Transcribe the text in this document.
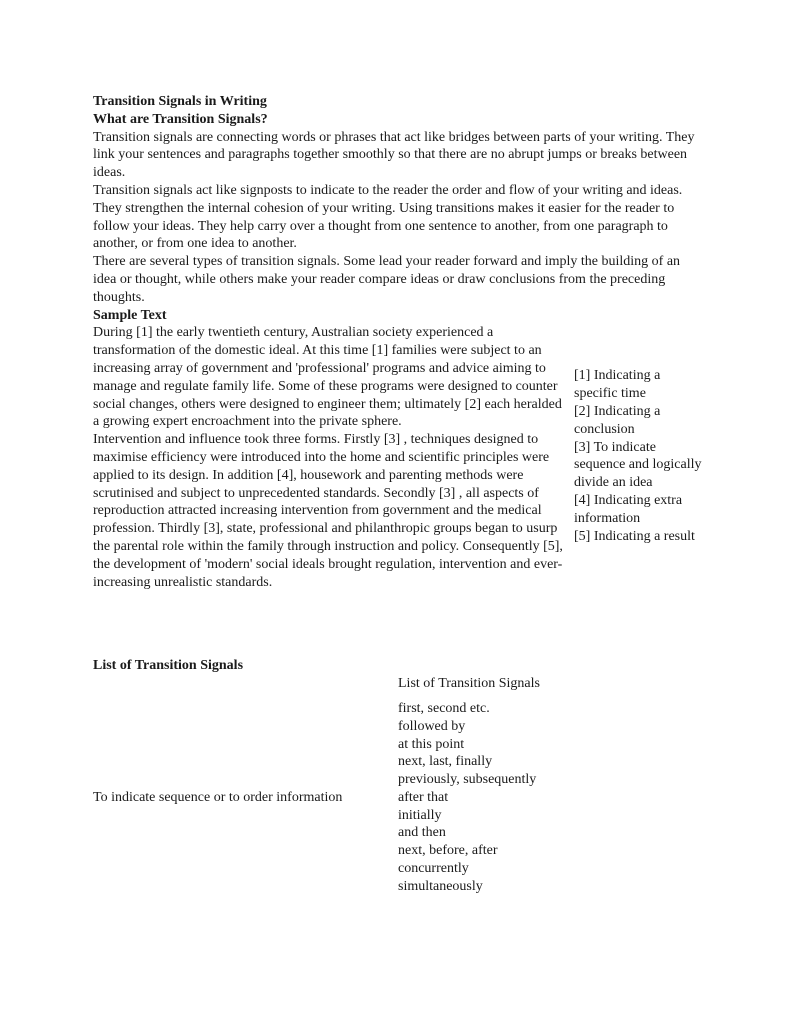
Transition Signals in Writing

What are Transition Signals?

Transition signals are connecting words or phrases that act like bridges between parts of your writing. They link your sentences and paragraphs together smoothly so that there are no abrupt jumps or breaks between ideas.

Transition signals act like signposts to indicate to the reader the order and flow of your writing and ideas. They strengthen the internal cohesion of your writing. Using transitions makes it easier for the reader to follow your ideas. They help carry over a thought from one sentence to another, from one paragraph to another, or from one idea to another.

There are several types of transition signals. Some lead your reader forward and imply the building of an idea or thought, while others make your reader compare ideas or draw conclusions from the preceding thoughts.

Sample Text

During [1] the early twentieth century, Australian society experienced a transformation of the domestic ideal. At this time [1] families were subject to an increasing array of government and 'professional' programs and advice aiming to manage and regulate family life. Some of these programs were designed to counter social changes, others were designed to engineer them; ultimately [2] each heralded a growing expert encroachment into the private sphere.

Intervention and influence took three forms. Firstly [3] , techniques designed to maximise efficiency were introduced into the home and scientific principles were applied to its design. In addition [4], housework and parenting methods were scrutinised and subject to unprecedented standards. Secondly [3] , all aspects of reproduction attracted increasing intervention from government and the medical profession. Thirdly [3], state, professional and philanthropic groups began to usurp the parental role within the family through instruction and policy. Consequently [5], the development of 'modern' social ideals brought regulation, intervention and ever-increasing unrealistic standards.

[1] Indicating a specific time
[2] Indicating a conclusion
[3] To indicate sequence and logically divide an idea
[4] Indicating extra information
[5] Indicating a result

List of Transition Signals

List of Transition Signals
To indicate sequence or to order information
first, second etc.
followed by
at this point
next, last, finally
previously, subsequently
after that
initially
and then
next, before, after
concurrently
simultaneously
